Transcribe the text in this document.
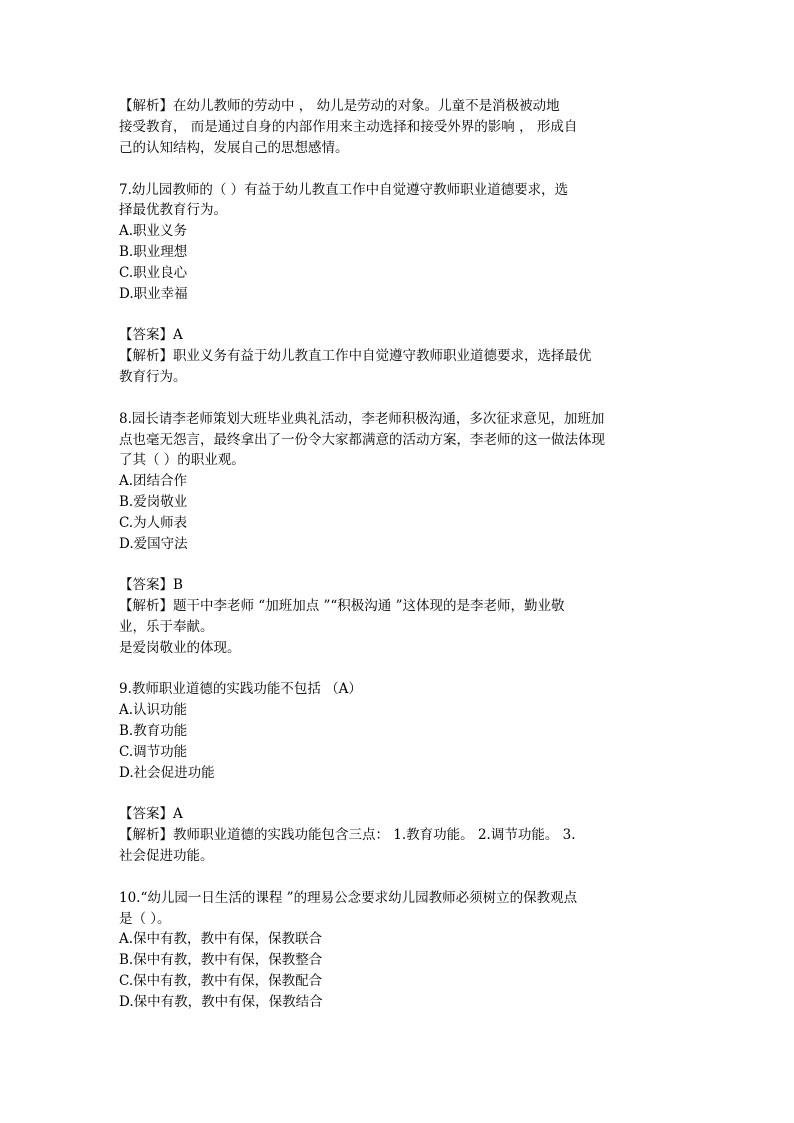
【解析】在幼儿教师的劳动中 ， 幼儿是劳动的对象。儿童不是消极被动地

接受教育， 而是通过自身的内部作用来主动选择和接受外界的影响 ， 形成自

己的认知结构，发展自己的思想感情。

7.幼儿园教师的（ ）有益于幼儿教直工作中自觉遵守教师职业道德要求，选

择最优教育行为。

A.职业义务

B.职业理想

C.职业良心

D.职业幸福

【答案】A

【解析】职业义务有益于幼儿教直工作中自觉遵守教师职业道德要求，选择最优

教育行为。

8.园长请李老师策划大班毕业典礼活动，李老师积极沟通，多次征求意见，加班加

点也毫无怨言，最终拿出了一份令大家都满意的活动方案，李老师的这一做法体现

了其（ ）的职业观。

A.团结合作

B.爱岗敬业

C.为人师表

D.爱国守法

【答案】B

【解析】题干中李老师 “加班加点 ”“积极沟通 ”这体现的是李老师，勤业敬

业，乐于奉献。

是爱岗敬业的体现。

9.教师职业道德的实践功能不包括 （A）

A.认识功能

B.教育功能

C.调节功能

D.社会促进功能

【答案】A

【解析】教师职业道德的实践功能包含三点： 1.教育功能。 2.调节功能。 3.

社会促进功能。

10.“幼儿园一日生活的课程 ”的理易公念要求幼儿园教师必须树立的保教观点

是（ ）。

A.保中有教，教中有保，保教联合

B.保中有教，教中有保，保教整合

C.保中有教，教中有保，保教配合

D.保中有教，教中有保，保教结合
